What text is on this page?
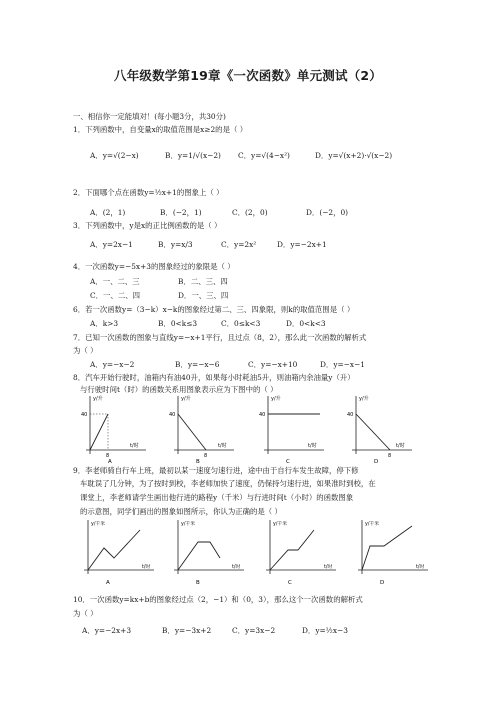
八年级数学第19章《一次函数》单元测试（2）
一、相信你一定能填对！(每小题3分，共30分)
1．下列函数中，自变量x的取值范围是x≥2的是（ ）
A．y=√(2−x)	B．y=1/√(x−2) C．y=√(4−x²)	D．y=√(x+2)·√(x−2)
2．下面哪个点在函数y=½x+1的图象上（ ）
A．(2，1)	B．(−2，1)	C．(2，0)	D．(−2，0)
3．下列函数中，y是x的正比例函数的是（ ）
A．y=2x−1	B．y=x/3	C．y=2x²	D．y=−2x+1
4．一次函数y=−5x+3的图象经过的象限是（ ）
A．一、二、三	B．二、三、四
C．一、二、四	D．一、三、四
6．若一次函数y=（3−k）x−k的图象经过第二、三、四象限，则k的取值范围是（ ）
A．k>3	B．0<k≤3	C．0≤k<3	D．0<k<3
7．已知一次函数的图象与直线y=−x+1平行，且过点（8，2），那么此一次函数的解析式
为（ ）
A．y=−x−2	B．y=−x−6	C．y=−x+10	D．y=−x−1
8．汽车开始行驶时，油箱内有油40升，如果每小时耗油5升，则油箱内余油量y（升）
与行驶时间t（时）的函数关系用图象表示应为下图中的（ ）
y/升
40
8
t/时
A
y/升
40
8
t/时
B
y/升
40
t/时
C
y/升
40
8
t/时
D
9．李老师骑自行车上班，最初以某一速度匀速行进，途中由于自行车发生故障，停下修
车耽误了几分钟，为了按时到校，李老师加快了速度，仍保持匀速行进，如果准时到校，在
课堂上，李老师请学生画出他行进的路程y（千米）与行进时间t（小时）的函数图象
的示意图，同学们画出的图象如图所示，你认为正确的是（ ）
y/千米
t/时
A
y/千米
t/时
B
y/千米
t/时
C
y/千米
t/时
D
10．一次函数y=kx+b的图象经过点（2，−1）和（0，3），那么这个一次函数的解析式
为（ ）
A．y=−2x+3	B．y=−3x+2	C．y=3x−2	D．y=½x−3
